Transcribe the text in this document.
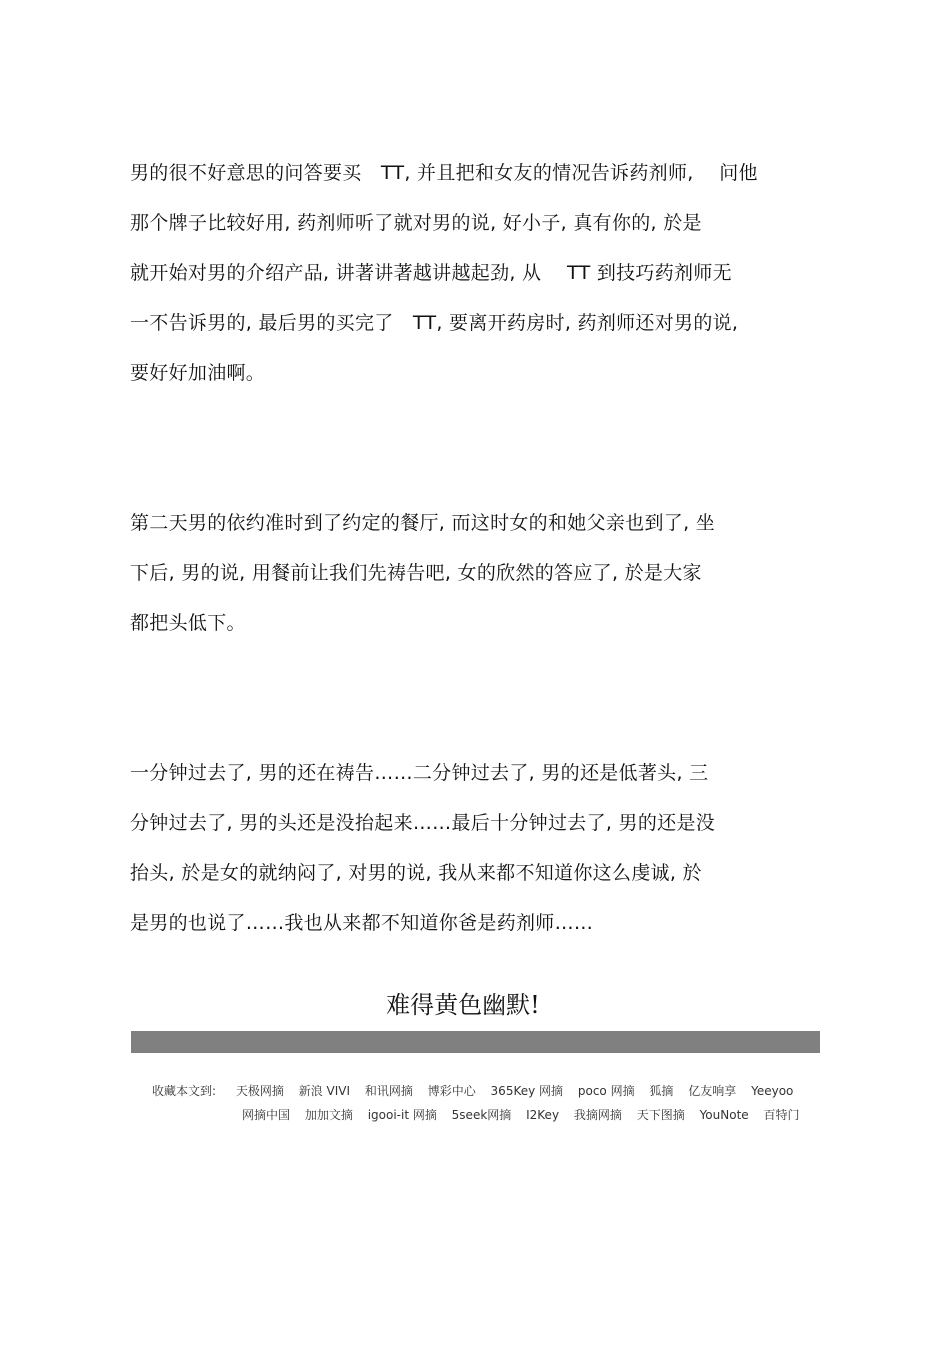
男的很不好意思的问答要买　TT, 并且把和女友的情况告诉药剂师,　 问他
那个牌子比较好用, 药剂师听了就对男的说, 好小子, 真有你的, 於是
就开始对男的介绍产品, 讲著讲著越讲越起劲, 从　 TT 到技巧药剂师无
一不告诉男的, 最后男的买完了　TT, 要离开药房时, 药剂师还对男的说,
要好好加油啊。
第二天男的依约准时到了约定的餐厅, 而这时女的和她父亲也到了, 坐
下后, 男的说, 用餐前让我们先祷告吧, 女的欣然的答应了, 於是大家
都把头低下。
一分钟过去了, 男的还在祷告……二分钟过去了, 男的还是低著头, 三
分钟过去了, 男的头还是没抬起来……最后十分钟过去了, 男的还是没
抬头, 於是女的就纳闷了, 对男的说, 我从来都不知道你这么虔诚, 於
是男的也说了……我也从来都不知道你爸是药剂师……
难得黄色幽默!
收藏本文到: 天极网摘 新浪 VIVI 和讯网摘 博彩中心 365Key 网摘 poco 网摘 狐摘 亿友响享 Yeeyoo
网摘中国 加加文摘 igooi-it 网摘 5seek网摘 I2Key 我摘网摘 天下图摘 YouNote 百特门
